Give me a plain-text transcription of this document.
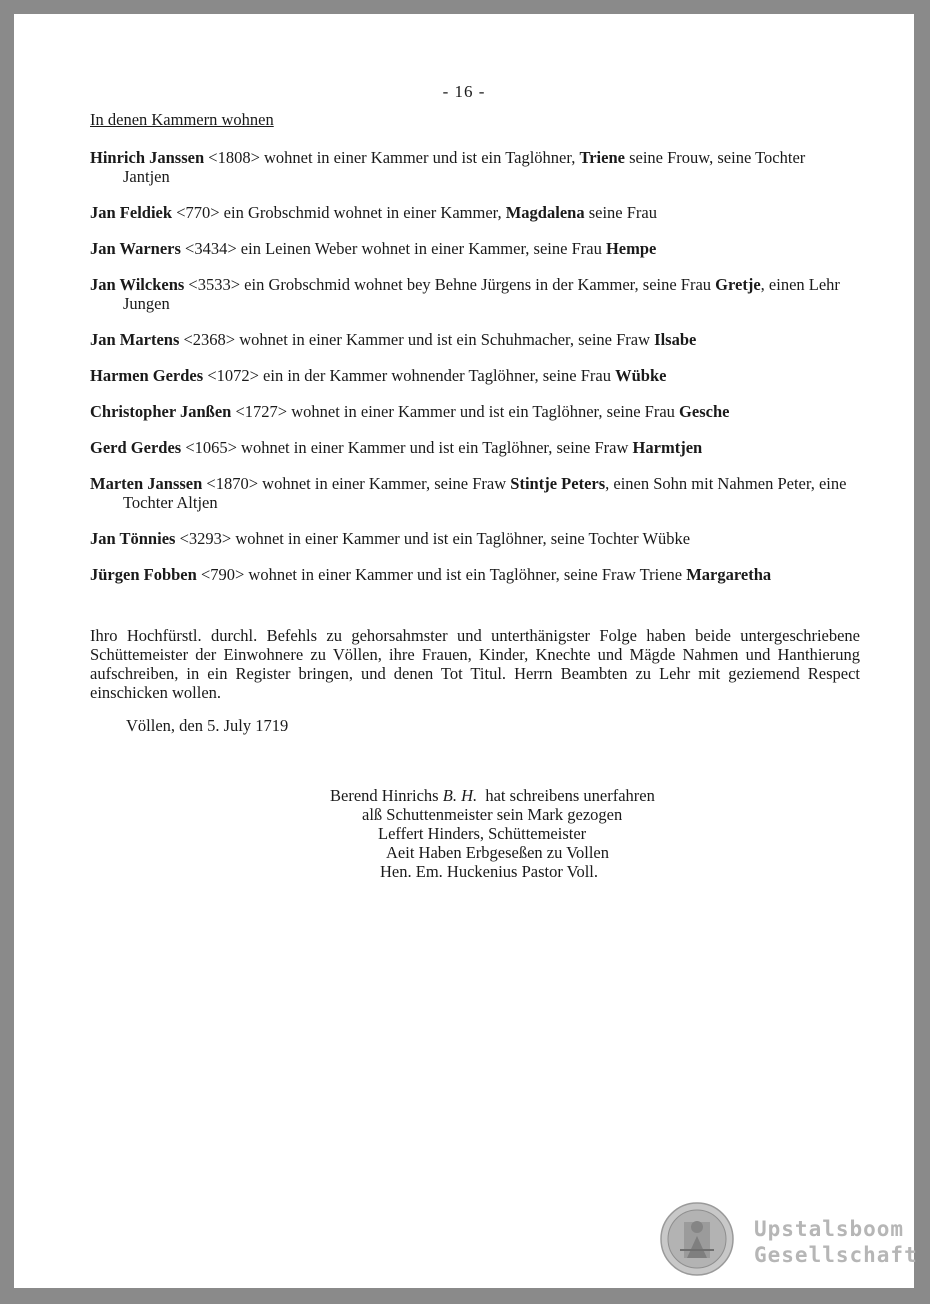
- 16 -
In denen Kammern wohnen
Hinrich Janssen <1808> wohnet in einer Kammer und ist ein Taglöhner, Triene seine Frouw, seine Tochter Jantjen
Jan Feldiek <770> ein Grobschmid wohnet in einer Kammer, Magdalena seine Frau
Jan Warners <3434> ein Leinen Weber wohnet in einer Kammer, seine Frau Hempe
Jan Wilckens <3533> ein Grobschmid wohnet bey Behne Jürgens in der Kammer, seine Frau Gretje, einen Lehr Jungen
Jan Martens <2368> wohnet in einer Kammer und ist ein Schuhmacher, seine Fraw Ilsabe
Harmen Gerdes <1072> ein in der Kammer wohnender Taglöhner, seine Frau Wübke
Christopher Janßen <1727> wohnet in einer Kammer und ist ein Taglöhner, seine Frau Gesche
Gerd Gerdes <1065> wohnet in einer Kammer und ist ein Taglöhner, seine Fraw Harmtjen
Marten Janssen <1870> wohnet in einer Kammer, seine Fraw Stintje Peters, einen Sohn mit Nahmen Peter, eine Tochter Altjen
Jan Tönnies <3293> wohnet in einer Kammer und ist ein Taglöhner, seine Tochter Wübke
Jürgen Fobben <790> wohnet in einer Kammer und ist ein Taglöhner, seine Fraw Triene Margaretha
Ihro Hochfürstl. durchl. Befehls zu gehorsahmster und unterthänigster Folge haben beide untergeschriebene Schüttemeister der Einwohnere zu Völlen, ihre Frauen, Kinder, Knechte und Mägde Nahmen und Hanthierung aufschreiben, in ein Register bringen, und denen Tot Titul. Herrn Beambten zu Lehr mit geziemend Respect einschicken wollen.
Völlen, den 5. July 1719
Berend Hinrichs B. H.  hat schreibens unerfahren
alß Schuttenmeister sein Mark gezogen
Leffert Hinders, Schüttemeister
Aeit Haben Erbgeseßen zu Vollen
Hen. Em. Huckenius Pastor Voll.
Upstalsboom
Gesellschaft
